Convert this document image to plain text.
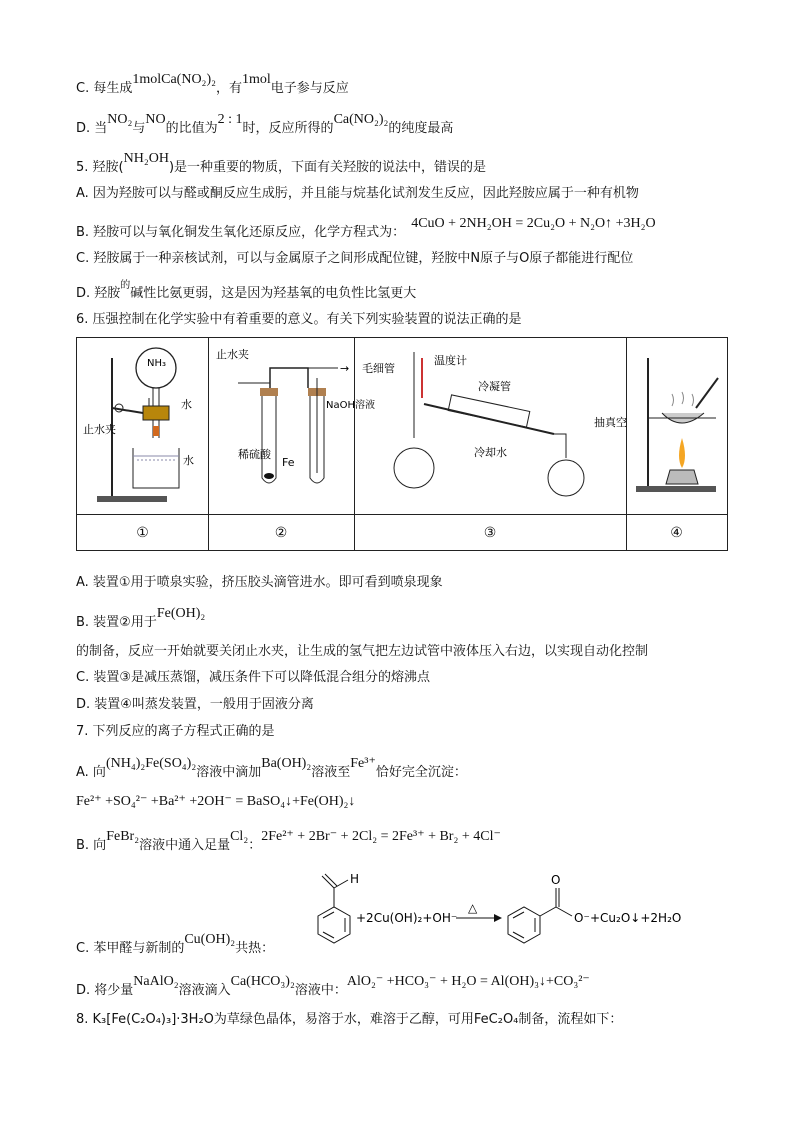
C. 每生成1molCa(NO₂)₂，有1mol电子参与反应
D. 当NO₂与NO的比值为2 : 1时，反应所得的Ca(NO₂)₂的纯度最高
5. 羟胺(NH₂OH)是一种重要的物质，下面有关羟胺的说法中，错误的是
A. 因为羟胺可以与醛或酮反应生成肟，并且能与烷基化试剂发生反应，因此羟胺应属于一种有机物
B. 羟胺可以与氧化铜发生氧化还原反应，化学方程式为：4CuO + 2NH₂OH = 2Cu₂O + N₂O↑ +3H₂O
C. 羟胺属于一种亲核试剂，可以与金属原子之间形成配位键，羟胺中N原子与O原子都能进行配位
D. 羟胺$^的$碱性比氨更弱，这是因为羟基氧的电负性比氢更大
6. 压强控制在化学实验中有着重要的意义。有关下列实验装置的说法正确的是
NH₃
水
止水夹
水
止水夹
→
稀硫酸
Fe
NaOH溶液
温度计
毛细管
冷凝管
冷却水
抽真空
①	②	③	④
A. 装置①用于喷泉实验，挤压胶头滴管进水。即可看到喷泉现象
B. 装置②用于Fe(OH)₂
的制备，反应一开始就要关闭止水夹，让生成的氢气把左边试管中液体压入右边，以实现自动化控制
C. 装置③是减压蒸馏，减压条件下可以降低混合组分的熔沸点
D. 装置④叫蒸发装置，一般用于固液分离
7. 下列反应的离子方程式正确的是
A. 向(NH₄)₂Fe(SO₄)₂溶液中滴加Ba(OH)₂溶液至Fe³⁺恰好完全沉淀：
Fe²⁺ +SO₄²⁻ +Ba²⁺ +2OH⁻ = BaSO₄↓+Fe(OH)₂↓
B. 向FeBr₂溶液中通入足量Cl₂：2Fe²⁺ + 2Br⁻ + 2Cl₂ = 2Fe³⁺ + Br₂ + 4Cl⁻
H
+2Cu(OH)₂+OH⁻
△
O
O⁻ +Cu₂O↓+2H₂O
C. 苯甲醛与新制的Cu(OH)₂共热：
D. 将少量NaAlO₂溶液滴入Ca(HCO₃)₂溶液中：AlO₂⁻ +HCO₃⁻ + H₂O = Al(OH)₃↓+CO₃²⁻
8. K₃[Fe(C₂O₄)₃]·3H₂O为草绿色晶体，易溶于水，难溶于乙醇，可用FeC₂O₄制备，流程如下：
